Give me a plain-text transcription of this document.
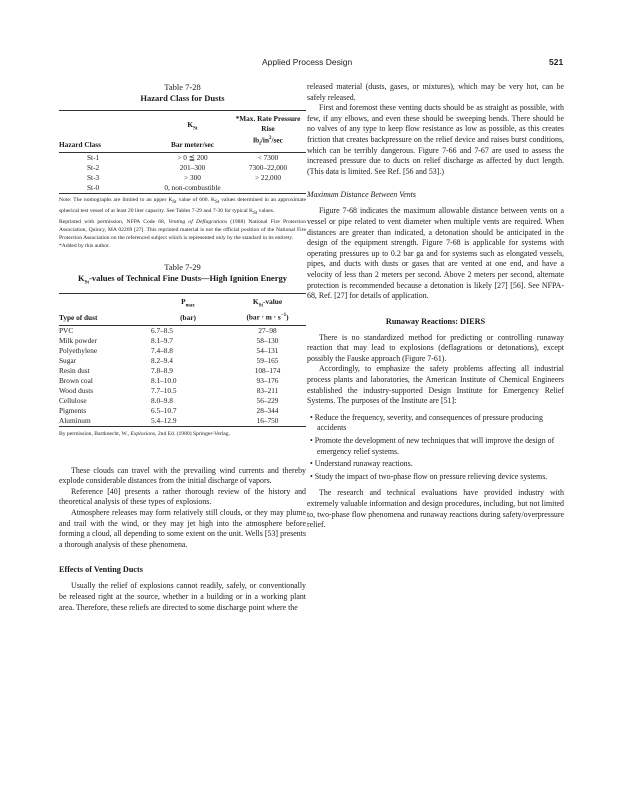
Applied Process Design	521
Table 7-28
Hazard Class for Dusts
	$K_{St}$	*Max. Rate Pressure Rise
Hazard Class	Bar meter/sec	$lb_f/in^2/\sec$
St-1	> 0 ≦ 200	< 7300
St-2	201–300	7300–22,000
St-3	> 300	> 22,000
St-0	0, non-combustible	
Note: The nomographs are limited to an upper KSt value of 600. KSt values determined in an approximate spherical test vessel of at least 20 liter capacity. See Tables 7-29 and 7-30 for typical KSt values.
Reprinted with permission, NFPA Code 68, Venting of Deflagrations (1988) National Fire Protection Association, Quincy, MA 02269 [27]. This reprinted material is not the official position of the National Fire Protection Association on the referenced subject which is represented only by the standard in its entirety.
*Added by this author.
Table 7-29
$K_{St}$-values of Technical Fine Dusts—High Ignition Energy
	$P_{max}$	$K_{St}$-value
Type of dust	(bar)	$(bar \cdot m \cdot s^{-1})$
PVC	6.7–8.5	27–98
Milk powder	8.1–9.7	58–130
Polyethylene	7.4–8.8	54–131
Sugar	8.2–9.4	59–165
Resin dust	7.8–8.9	108–174
Brown coal	8.1–10.0	93–176
Wood dusts	7.7–10.5	83–211
Cellulose	8.0–9.8	56–229
Pigments	6.5–10.7	28–344
Aluminum	5.4–12.9	16–750
By permission, Bartknecht, W., Explosions, 2nd Ed. (1980) Springer-Verlag.

These clouds can travel with the prevailing wind currents and thereby explode considerable distances from the initial discharge of vapors.

Reference [40] presents a rather thorough review of the history and theoretical analysis of these types of explosions.

Atmosphere releases may form relatively still clouds, or they may plume and trail with the wind, or they may jet high into the atmosphere before forming a cloud, all depending to some extent on the unit. Wells [53] presents a thorough analysis of these phenomena.

Effects of Venting Ducts

Usually the relief of explosions cannot readily, safely, or conventionally be released right at the source, whether in a building or in a working plant area. Therefore, these reliefs are directed to some discharge point where the

released material (dusts, gases, or mixtures), which may be very hot, can be safely released.

First and foremost these venting ducts should be as straight as possible, with few, if any elbows, and even these should be sweeping bends. There should be no valves of any type to keep flow resistance as low as possible, as this creates friction that creates backpressure on the relief device and raises burst conditions, which can be terribly dangerous. Figure 7-66 and 7-67 are used to assess the increased pressure due to ducts on relief discharge as affected by duct length. (This data is limited. See Ref. [56 and 53].)

Maximum Distance Between Vents

Figure 7-68 indicates the maximum allowable distance between vents on a vessel or pipe related to vent diameter when multiple vents are required. When distances are greater than indicated, a detonation should be anticipated in the design of the equipment strength. Figure 7-68 is applicable for systems with operating pressures up to 0.2 bar ga and for systems such as elongated vessels, pipes, and ducts with dusts or gases that are vented at one end, and have a velocity of less than 2 meters per second. Above 2 meters per second, alternate protection is recommended because a detonation is likely [27] [56]. See NFPA-68, Ref. [27] for details of application.

Runaway Reactions: DIERS

There is no standardized method for predicting or controlling runaway reaction that may lead to explosions (deflagrations or detonations), except possibly the Fauske approach (Figure 7-61).

Accordingly, to emphasize the safety problems affecting all industrial process plants and laboratories, the American Institute of Chemical Engineers established the industry-supported Design Institute for Emergency Relief Systems. The purposes of the Institute are [51]:

• Reduce the frequency, severity, and consequences of pressure producing accidents
• Promote the development of new techniques that will improve the design of emergency relief systems.
• Understand runaway reactions.
• Study the impact of two-phase flow on pressure relieving device systems.

The research and technical evaluations have provided industry with extremely valuable information and design procedures, including, but not limited to, two-phase flow phenomena and runaway reactions during safety/overpressure relief.
